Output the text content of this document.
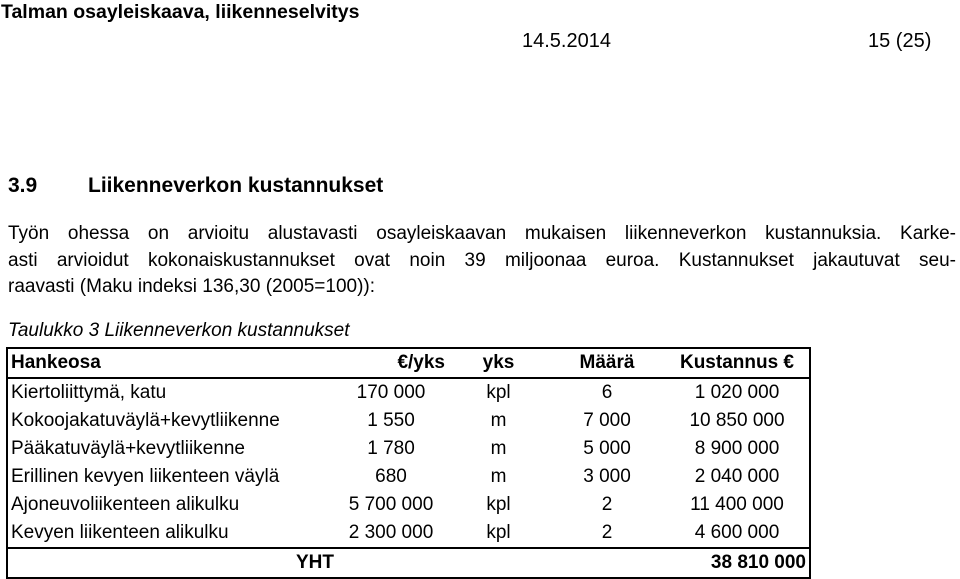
Talman osayleiskaava, liikenneselvitys
14.5.2014	15 (25)
3.9 Liikenneverkon kustannukset
Työn ohessa on arvioitu alustavasti osayleiskaavan mukaisen liikenneverkon kustannuksia. Karke-
asti arvioidut kokonaiskustannukset ovat noin 39 miljoonaa euroa. Kustannukset jakautuvat seu-
raavasti (Maku indeksi 136,30 (2005=100)):
Taulukko 3 Liikenneverkon kustannukset
Hankeosa	€/yks	yks	Määrä	Kustannus €
Kiertoliittymä, katu	170 000	kpl	6	1 020 000
Kokoojakatuväylä+kevytliikenne	1 550	m	7 000	10 850 000
Pääkatuväylä+kevytliikenne	1 780	m	5 000	8 900 000
Erillinen kevyen liikenteen väylä	680	m	3 000	2 040 000
Ajoneuvoliikenteen alikulku	5 700 000	kpl	2	11 400 000
Kevyen liikenteen alikulku	2 300 000	kpl	2	4 600 000
YHT				38 810 000
